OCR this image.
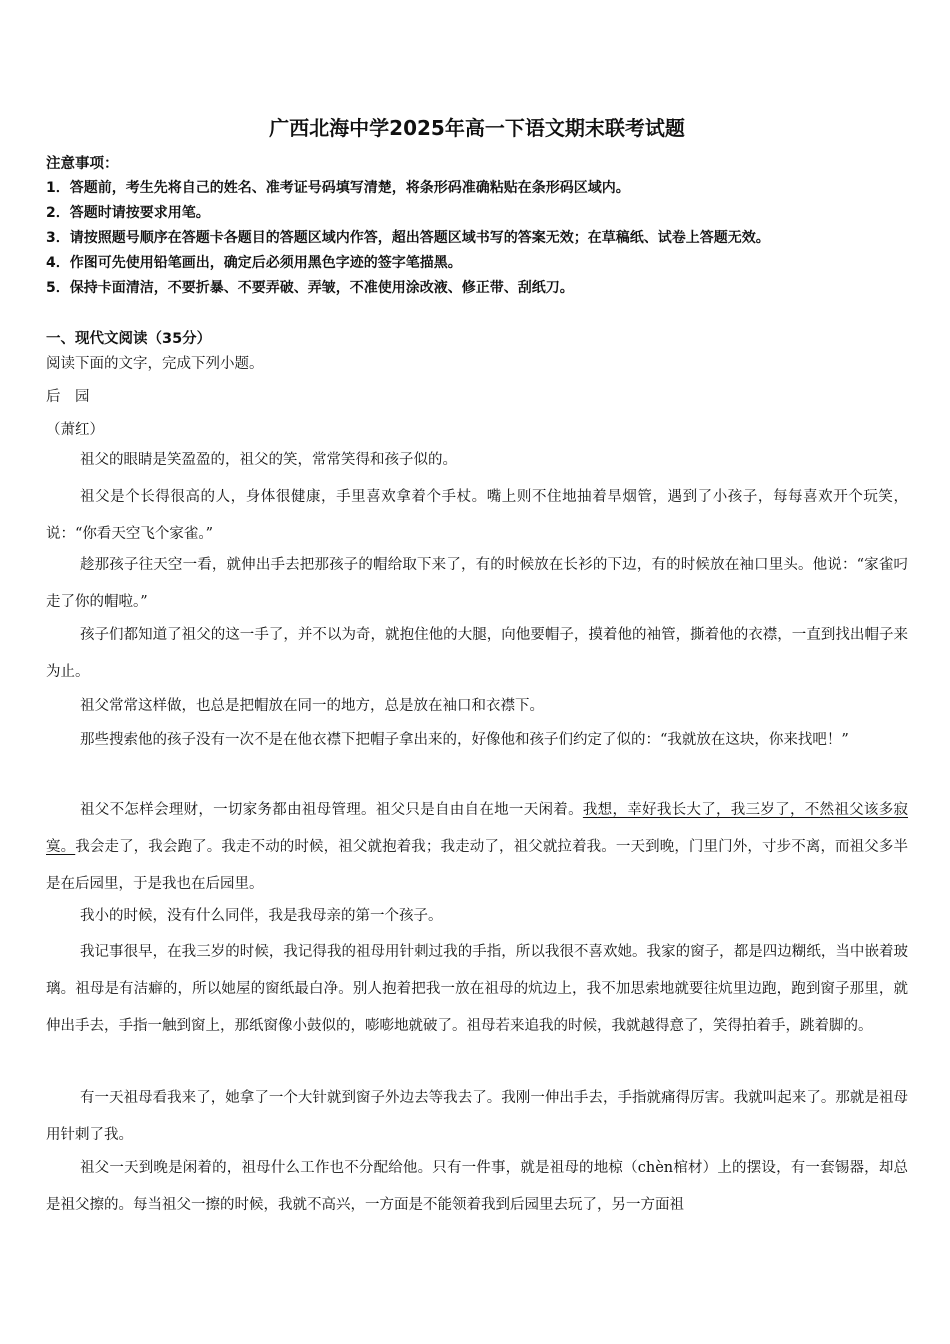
广西北海中学2025年高一下语文期末联考试题
注意事项：
1．答题前，考生先将自己的姓名、准考证号码填写清楚，将条形码准确粘贴在条形码区域内。
2．答题时请按要求用笔。
3．请按照题号顺序在答题卡各题目的答题区域内作答，超出答题区域书写的答案无效；在草稿纸、试卷上答题无效。
4．作图可先使用铅笔画出，确定后必须用黑色字迹的签字笔描黑。
5．保持卡面清洁，不要折暴、不要弄破、弄皱，不准使用涂改液、修正带、刮纸刀。
一、现代文阅读（35分）
阅读下面的文字，完成下列小题。
后　园
（萧红）
祖父的眼睛是笑盈盈的，祖父的笑，常常笑得和孩子似的。
祖父是个长得很高的人，身体很健康，手里喜欢拿着个手杖。嘴上则不住地抽着旱烟管，遇到了小孩子，每每喜欢开个玩笑，说：“你看天空飞个家雀。”
趁那孩子往天空一看，就伸出手去把那孩子的帽给取下来了，有的时候放在长衫的下边，有的时候放在袖口里头。他说：“家雀叼走了你的帽啦。”
孩子们都知道了祖父的这一手了，并不以为奇，就抱住他的大腿，向他要帽子，摸着他的袖管，撕着他的衣襟，一直到找出帽子来为止。
祖父常常这样做，也总是把帽放在同一的地方，总是放在袖口和衣襟下。
那些搜索他的孩子没有一次不是在他衣襟下把帽子拿出来的，好像他和孩子们约定了似的：“我就放在这块，你来找吧！”
祖父不怎样会理财，一切家务都由祖母管理。祖父只是自由自在地一天闲着。我想，幸好我长大了，我三岁了，不然祖父该多寂寞。我会走了，我会跑了。我走不动的时候，祖父就抱着我；我走动了，祖父就拉着我。一天到晚，门里门外，寸步不离，而祖父多半是在后园里，于是我也在后园里。
我小的时候，没有什么同伴，我是我母亲的第一个孩子。
我记事很早，在我三岁的时候，我记得我的祖母用针刺过我的手指，所以我很不喜欢她。我家的窗子，都是四边糊纸，当中嵌着玻璃。祖母是有洁癖的，所以她屋的窗纸最白净。别人抱着把我一放在祖母的炕边上，我不加思索地就要往炕里边跑，跑到窗子那里，就伸出手去，手指一触到窗上，那纸窗像小鼓似的，嘭嘭地就破了。祖母若来追我的时候，我就越得意了，笑得拍着手，跳着脚的。
有一天祖母看我来了，她拿了一个大针就到窗子外边去等我去了。我刚一伸出手去，手指就痛得厉害。我就叫起来了。那就是祖母用针刺了我。
祖父一天到晚是闲着的，祖母什么工作也不分配给他。只有一件事，就是祖母的地椋（chèn棺材）上的摆设，有一套锡器，却总是祖父擦的。每当祖父一擦的时候，我就不高兴，一方面是不能领着我到后园里去玩了，另一方面祖
